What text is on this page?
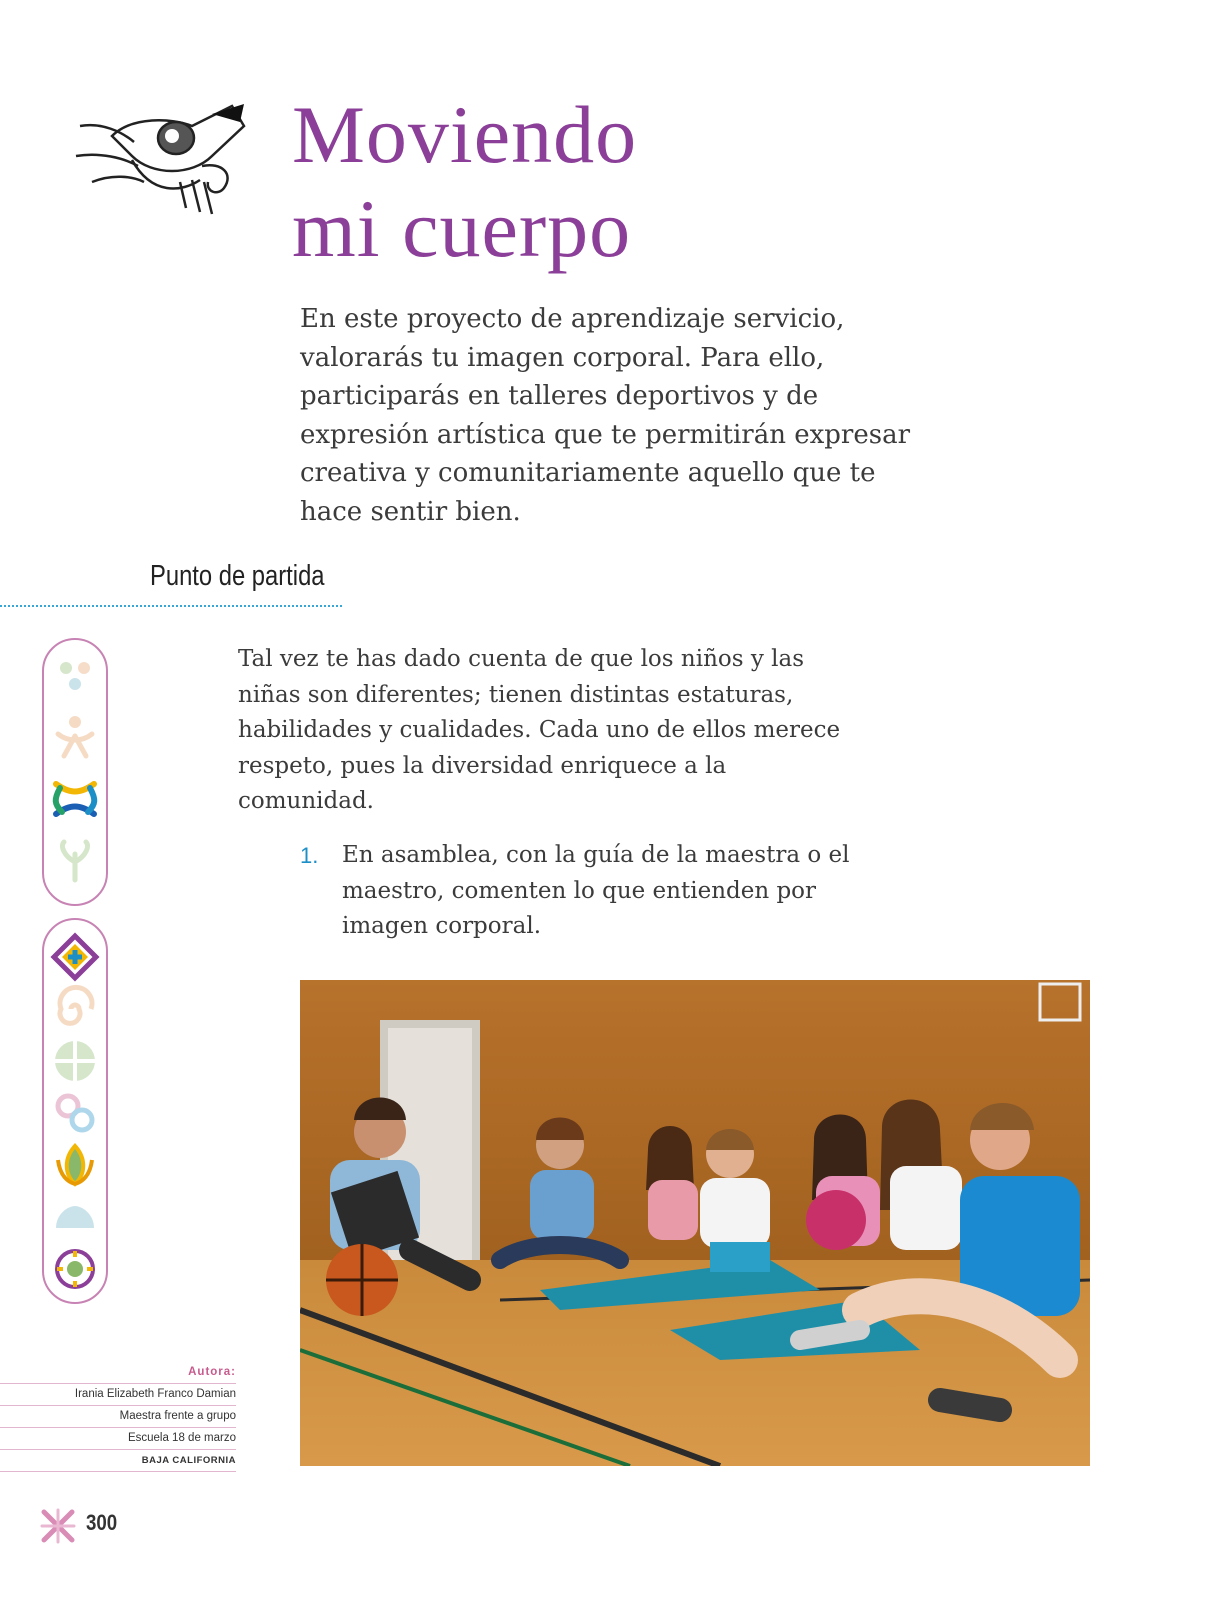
Moviendo
mi cuerpo

En este proyecto de aprendizaje servicio, valorarás tu imagen corporal. Para ello, participarás en talleres deportivos y de expresión artística que te permitirán expresar creativa y comunitariamente aquello que te hace sentir bien.

Punto de partida

Tal vez te has dado cuenta de que los niños y las niñas son diferentes; tienen distintas estaturas, habilidades y cualidades. Cada uno de ellos merece respeto, pues la diversidad enriquece a la comunidad.

1. En asamblea, con la guía de la maestra o el maestro, comenten lo que entienden por imagen corporal.
Autora:
Irania Elizabeth Franco Damian
Maestra frente a grupo
Escuela 18 de marzo
BAJA CALIFORNIA
300
